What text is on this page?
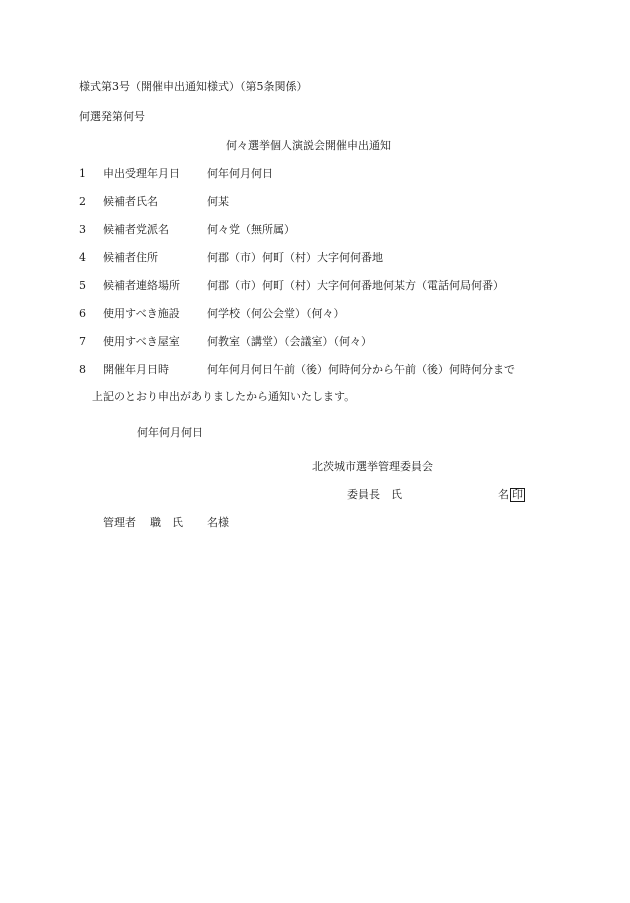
様式第3号（開催申出通知様式）（第5条関係）
何選発第何号
何々選挙個人演説会開催申出通知
1 申出受理年月日 何年何月何日
2 候補者氏名	何某
3 候補者党派名	何々党（無所属）
4 候補者住所	何郡（市）何町（村）大字何何番地
5 候補者連絡場所 何郡（市）何町（村）大字何何番地何某方（電話何局何番）
6 使用すべき施設 何学校（何公会堂）（何々）
7 使用すべき屋室 何教室（講堂）（会議室）（何々）
8 開催年月日時	何年何月何日午前（後）何時何分から午前（後）何時何分まで
上記のとおり申出がありましたから通知いたします。
何年何月何日
北茨城市選挙管理委員会
委員長　氏	名 印
管理者 職　氏 名様
